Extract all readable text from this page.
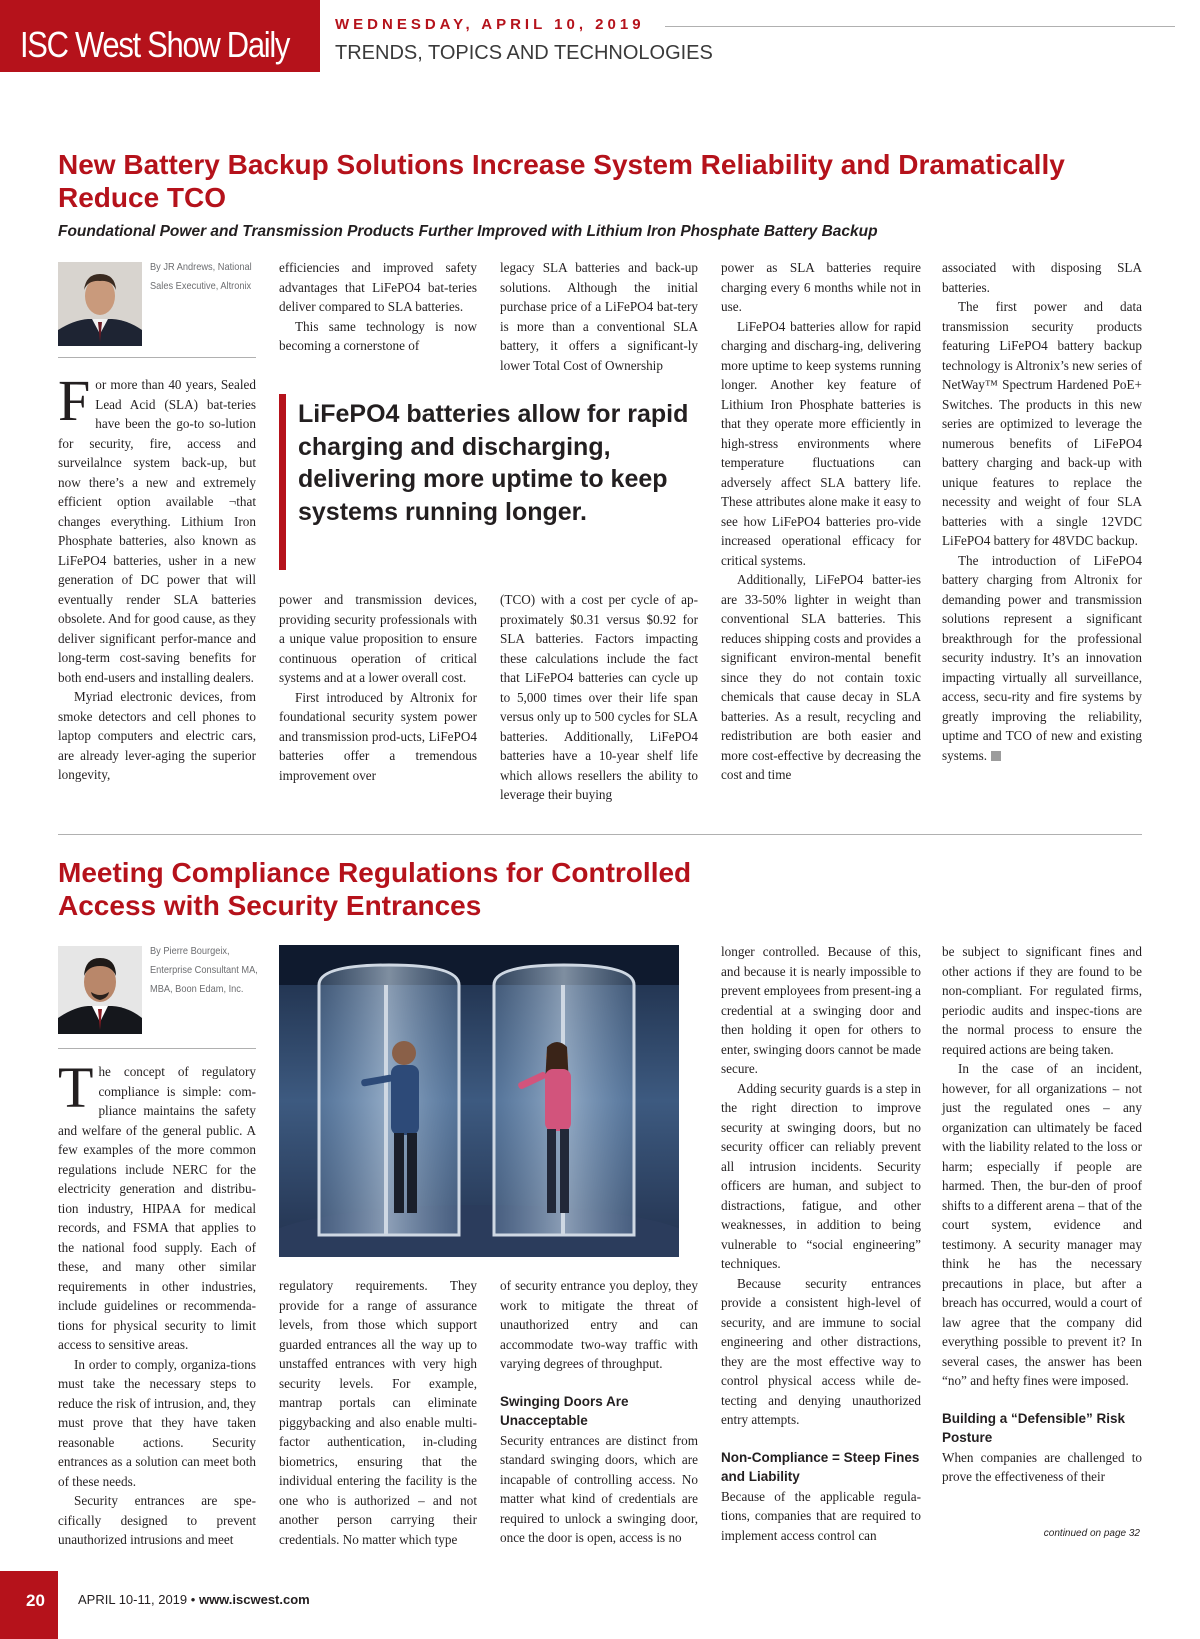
ISC West Show Daily	WEDNESDAY, APRIL 10, 2019
TRENDS, TOPICS AND TECHNOLOGIES
New Battery Backup Solutions Increase System Reliability and Dramatically Reduce TCO
Foundational Power and Transmission Products Further Improved with Lithium Iron Phosphate Battery Backup
By JR Andrews, National
Sales Executive, Altronix

For more than 40 years, Sealed Lead Acid (SLA) bat-teries have been the go-to so-lution for security, fire, access and surveilalnce system back-up, but now there’s a new and extremely efficient option available ¬that changes everything. Lithium Iron Phosphate batteries, also known as LiFePO4 batteries, usher in a new generation of DC power that will eventually render SLA batteries obsolete. And for good cause, as they deliver significant perfor-mance and long-term cost-saving benefits for both end-users and installing dealers.

Myriad electronic devices, from smoke detectors and cell phones to laptop computers and electric cars, are already lever-aging the superior longevity,

efficiencies and improved safety advantages that LiFePO4 bat-teries deliver compared to SLA batteries.

This same technology is now becoming a cornerstone of

legacy SLA batteries and back-up solutions. Although the initial purchase price of a LiFePO4 bat-tery is more than a conventional SLA battery, it offers a significant-ly lower Total Cost of Ownership

LiFePO4 batteries allow for rapid charging and discharging, delivering more uptime to keep systems running longer.

power and transmission devices, providing security professionals with a unique value proposition to ensure continuous operation of critical systems and at a lower overall cost.

First introduced by Altronix for foundational security system power and transmission prod-ucts, LiFePO4 batteries offer a tremendous improvement over

(TCO) with a cost per cycle of ap-proximately $0.31 versus $0.92 for SLA batteries. Factors impacting these calculations include the fact that LiFePO4 batteries can cycle up to 5,000 times over their life span versus only up to 500 cycles for SLA batteries. Additionally, LiFePO4 batteries have a 10-year shelf life which allows resellers the ability to leverage their buying

power as SLA batteries require charging every 6 months while not in use.

LiFePO4 batteries allow for rapid charging and discharg-ing, delivering more uptime to keep systems running longer. Another key feature of Lithium Iron Phosphate batteries is that they operate more efficiently in high-stress environments where temperature fluctuations can adversely affect SLA battery life. These attributes alone make it easy to see how LiFePO4 batteries pro-vide increased operational efficacy for critical systems.

Additionally, LiFePO4 batter-ies are 33-50% lighter in weight than conventional SLA batteries. This reduces shipping costs and provides a significant environ-mental benefit since they do not contain toxic chemicals that cause decay in SLA batteries. As a result, recycling and redistribution are both easier and more cost-effective by decreasing the cost and time

associated with disposing SLA batteries.

The first power and data transmission security products featuring LiFePO4 battery backup technology is Altronix’s new series of NetWay™ Spectrum Hardened PoE+ Switches. The products in this new series are optimized to leverage the numerous benefits of LiFePO4 battery charging and back-up with unique features to replace the necessity and weight of four SLA batteries with a single 12VDC LiFePO4 battery for 48VDC backup.

The introduction of LiFePO4 battery charging from Altronix for demanding power and transmission solutions represent a significant breakthrough for the professional security industry. It’s an innovation impacting virtually all surveillance, access, secu-rity and fire systems by greatly improving the reliability, uptime and TCO of new and existing systems.

Meeting Compliance Regulations for Controlled Access with Security Entrances
By Pierre Bourgeix,
Enterprise Consultant MA,
MBA, Boon Edam, Inc.

The concept of regulatory compliance is simple: com-pliance maintains the safety and welfare of the general public. A few examples of the more common regulations include NERC for the electricity generation and distribu-tion industry, HIPAA for medical records, and FSMA that applies to the national food supply. Each of these, and many other similar requirements in other industries, include guidelines or recommenda-tions for physical security to limit access to sensitive areas.

In order to comply, organiza-tions must take the necessary steps to reduce the risk of intrusion, and, they must prove that they have taken reasonable actions. Security entrances as a solution can meet both of these needs.

Security entrances are spe-cifically designed to prevent unauthorized intrusions and meet

regulatory requirements. They provide for a range of assurance levels, from those which support guarded entrances all the way up to unstaffed entrances with very high security levels. For example, mantrap portals can eliminate piggybacking and also enable multi-factor authentication, in-cluding biometrics, ensuring that the individual entering the facility is the one who is authorized – and not another person carrying their credentials. No matter which type

of security entrance you deploy, they work to mitigate the threat of unauthorized entry and can accommodate two-way traffic with varying degrees of throughput.

Swinging Doors Are Unacceptable

Security entrances are distinct from standard swinging doors, which are incapable of controlling access. No matter what kind of credentials are required to unlock a swinging door, once the door is open, access is no

longer controlled. Because of this, and because it is nearly impossible to prevent employees from present-ing a credential at a swinging door and then holding it open for others to enter, swinging doors cannot be made secure.

Adding security guards is a step in the right direction to improve security at swinging doors, but no security officer can reliably prevent all intrusion incidents. Security officers are human, and subject to distractions, fatigue, and other weaknesses, in addition to being vulnerable to “social engineering” techniques.

Because security entrances provide a consistent high-level of security, and are immune to social engineering and other distractions, they are the most effective way to control physical access while de-tecting and denying unauthorized entry attempts.

Non-Compliance = Steep Fines and Liability

Because of the applicable regula-tions, companies that are required to implement access control can

be subject to significant fines and other actions if they are found to be non-compliant. For regulated firms, periodic audits and inspec-tions are the normal process to ensure the required actions are being taken.

In the case of an incident, however, for all organizations – not just the regulated ones – any organization can ultimately be faced with the liability related to the loss or harm; especially if people are harmed. Then, the bur-den of proof shifts to a different arena – that of the court system, evidence and testimony. A security manager may think he has the necessary precautions in place, but after a breach has occurred, would a court of law agree that the company did everything possible to prevent it? In several cases, the answer has been “no” and hefty fines were imposed.

Building a “Defensible” Risk Posture

When companies are challenged to prove the effectiveness of their

continued on page 32
20	APRIL 10-11, 2019 • www.iscwest.com
